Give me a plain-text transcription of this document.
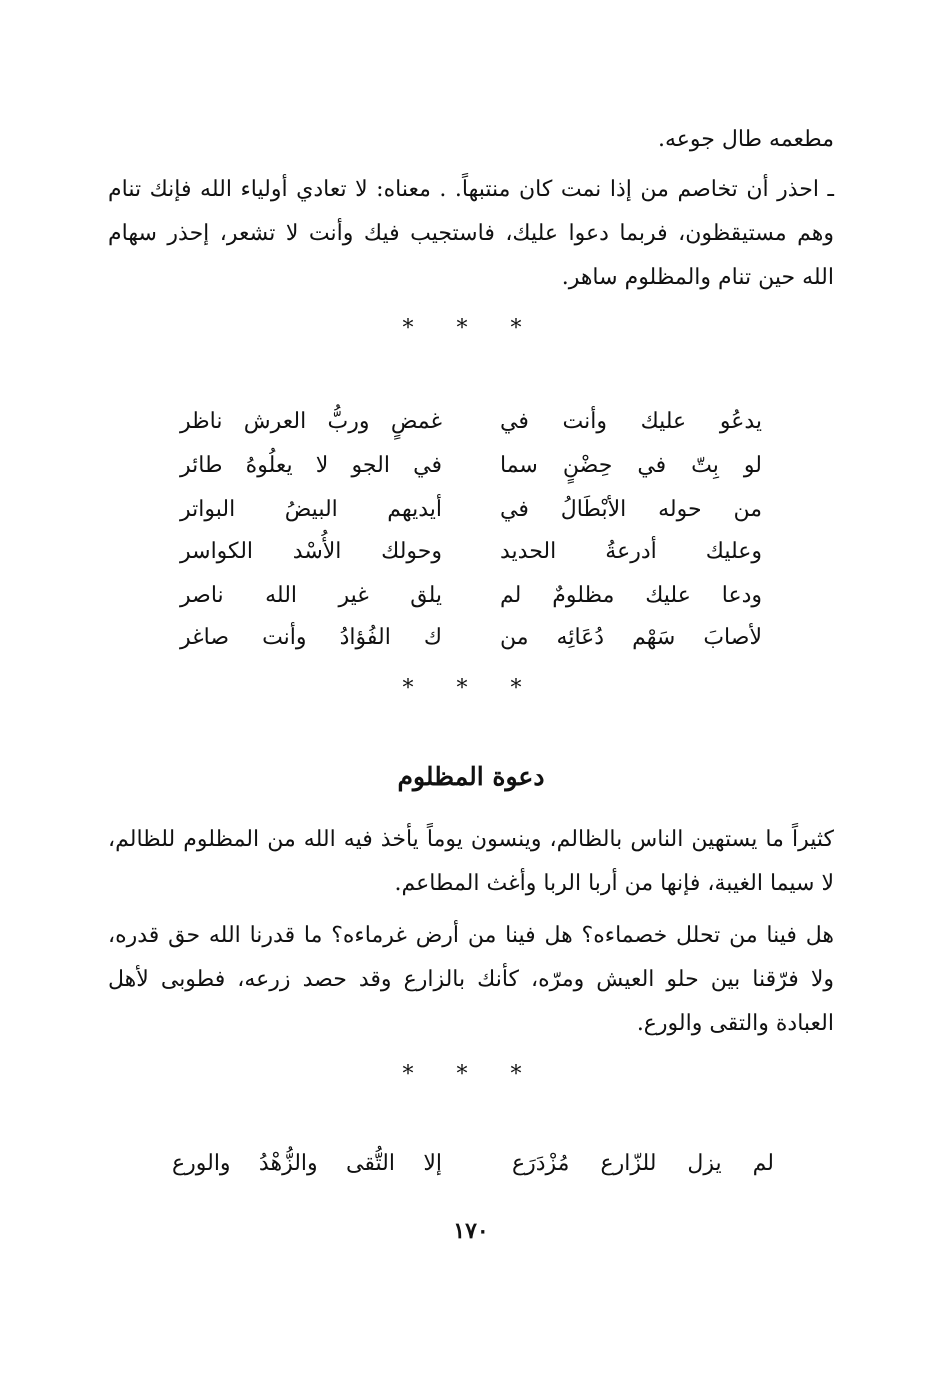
مطعمه طال جوعه.

ـ احذر أن تخاصم من إذا نمت كان منتبهاً. . معناه: لا تعادي أولياء الله فإنك تنام وهم مستيقظون، فربما دعوا عليك، فاستجيب فيك وأنت لا تشعر، إحذر سهام الله حين تنام والمظلوم ساهر.

* * *
يدعُو عليك وأنت في
غمضٍ وربُّ العرش ناظر
لو بِتّ في حِضْنٍ سما
في الجو لا يعلُوهُ طائر
من حوله الأبْطَالُ في
أيديهم البيضُ البواتر
وعليك أدرعةُ الحديد
وحولك الأُسْد الكواسر
ودعا عليك مظلومٌ لم
يلق غير الله ناصر
لأصابَ سَهْم دُعَائِه من
ك الفُؤادُ وأنت صاغر
* * *
دعوة المظلوم

كثيراً ما يستهين الناس بالظالم، وينسون يوماً يأخذ فيه الله من المظلوم للظالم، لا سيما الغيبة، فإنها من أربا الربا وأغث المطاعم.

هل فينا من تحلل خصماءه؟ هل فينا من أرض غرماءه؟ ما قدرنا الله حق قدره، ولا فرّقنا بين حلو العيش ومرّه، كأنك بالزارع وقد حصد زرعه، فطوبى لأهل العبادة والتقى والورع.

* * *
لم يزل للزّارع مُزْدَرَع
إلا التُّقى والزُّهْدُ والورع
١٧٠
